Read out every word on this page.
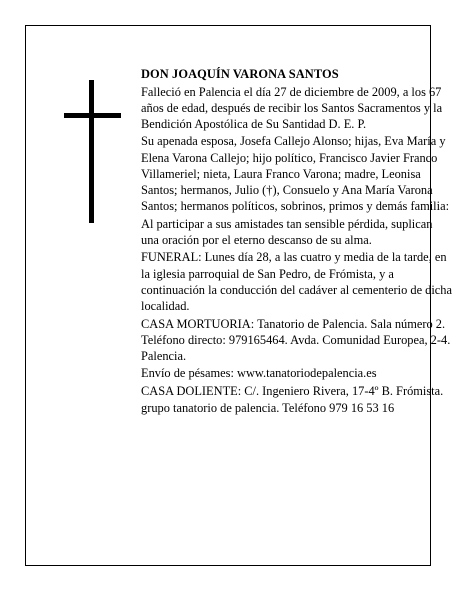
DON JOAQUÍN VARONA SANTOS

Falleció en Palencia el día 27 de diciembre de 2009, a los 67 años de edad, después de recibir los Santos Sacramentos y la Bendición Apostólica de Su Santidad D. E. P.

Su apenada esposa, Josefa Callejo Alonso; hijas, Eva María y Elena Varona Callejo; hijo político, Francisco Javier Franco Villameriel; nieta, Laura Franco Varona; madre, Leonisa Santos; hermanos, Julio (†), Consuelo y Ana María Varona Santos; hermanos políticos, sobrinos, primos y demás familia:

Al participar a sus amistades tan sensible pérdida, suplican una oración por el eterno descanso de su alma.

FUNERAL: Lunes día 28, a las cuatro y media de la tarde, en la iglesia parroquial de San Pedro, de Frómista, y a continuación la conducción del cadáver al cementerio de dicha localidad.

CASA MORTUORIA: Tanatorio de Palencia. Sala número 2. Teléfono directo: 979165464. Avda. Comunidad Europea, 2-4. Palencia.

Envío de pésames: www.tanatoriodepalencia.es

CASA DOLIENTE: C/. Ingeniero Rivera, 17-4º B. Frómista.

grupo tanatorio de palencia. Teléfono 979 16 53 16
